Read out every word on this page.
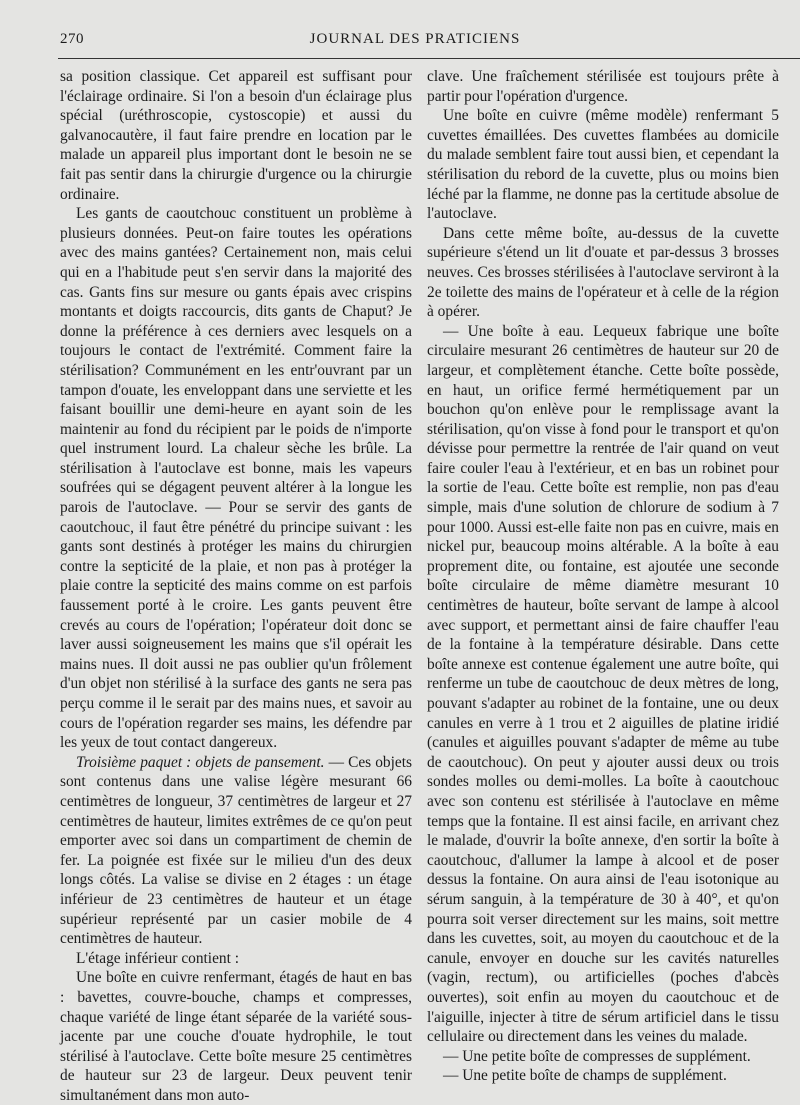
270	JOURNAL DES PRATICIENS

sa position classique. Cet appareil est suffisant pour l'éclairage ordinaire. Si l'on a besoin d'un éclairage plus spécial (uréthroscopie, cystoscopie) et aussi du galvanocautère, il faut faire prendre en location par le malade un appareil plus important dont le besoin ne se fait pas sentir dans la chirurgie d'urgence ou la chirurgie ordinaire.

Les gants de caoutchouc constituent un problème à plusieurs données. Peut-on faire toutes les opérations avec des mains gantées? Certainement non, mais celui qui en a l'habitude peut s'en servir dans la majorité des cas. Gants fins sur mesure ou gants épais avec crispins montants et doigts raccourcis, dits gants de Chaput? Je donne la préférence à ces derniers avec lesquels on a toujours le contact de l'extrémité. Comment faire la stérilisation? Communément en les entr'ouvrant par un tampon d'ouate, les enveloppant dans une serviette et les faisant bouillir une demi-heure en ayant soin de les maintenir au fond du récipient par le poids de n'importe quel instrument lourd. La chaleur sèche les brûle. La stérilisation à l'autoclave est bonne, mais les vapeurs soufrées qui se dégagent peuvent altérer à la longue les parois de l'autoclave. — Pour se servir des gants de caoutchouc, il faut être pénétré du principe suivant : les gants sont destinés à protéger les mains du chirurgien contre la septicité de la plaie, et non pas à protéger la plaie contre la septicité des mains comme on est parfois faussement porté à le croire. Les gants peuvent être crevés au cours de l'opération; l'opérateur doit donc se laver aussi soigneusement les mains que s'il opérait les mains nues. Il doit aussi ne pas oublier qu'un frôlement d'un objet non stérilisé à la surface des gants ne sera pas perçu comme il le serait par des mains nues, et savoir au cours de l'opération regarder ses mains, les défendre par les yeux de tout contact dangereux.

Troisième paquet : objets de pansement. — Ces objets sont contenus dans une valise légère mesurant 66 centimètres de longueur, 37 centimètres de largeur et 27 centimètres de hauteur, limites extrêmes de ce qu'on peut emporter avec soi dans un compartiment de chemin de fer. La poignée est fixée sur le milieu d'un des deux longs côtés. La valise se divise en 2 étages : un étage inférieur de 23 centimètres de hauteur et un étage supérieur représenté par un casier mobile de 4 centimètres de hauteur.

L'étage inférieur contient :

Une boîte en cuivre renfermant, étagés de haut en bas : bavettes, couvre-bouche, champs et compresses, chaque variété de linge étant séparée de la variété sous-jacente par une couche d'ouate hydrophile, le tout stérilisé à l'autoclave. Cette boîte mesure 25 centimètres de hauteur sur 23 de largeur. Deux peuvent tenir simultanément dans mon auto-

clave. Une fraîchement stérilisée est toujours prête à partir pour l'opération d'urgence.

Une boîte en cuivre (même modèle) renfermant 5 cuvettes émaillées. Des cuvettes flambées au domicile du malade semblent faire tout aussi bien, et cependant la stérilisation du rebord de la cuvette, plus ou moins bien léché par la flamme, ne donne pas la certitude absolue de l'autoclave.

Dans cette même boîte, au-dessus de la cuvette supérieure s'étend un lit d'ouate et par-dessus 3 brosses neuves. Ces brosses stérilisées à l'autoclave serviront à la 2e toilette des mains de l'opérateur et à celle de la région à opérer.

— Une boîte à eau. Lequeux fabrique une boîte circulaire mesurant 26 centimètres de hauteur sur 20 de largeur, et complètement étanche. Cette boîte possède, en haut, un orifice fermé hermétiquement par un bouchon qu'on enlève pour le remplissage avant la stérilisation, qu'on visse à fond pour le transport et qu'on dévisse pour permettre la rentrée de l'air quand on veut faire couler l'eau à l'extérieur, et en bas un robinet pour la sortie de l'eau. Cette boîte est remplie, non pas d'eau simple, mais d'une solution de chlorure de sodium à 7 pour 1000. Aussi est-elle faite non pas en cuivre, mais en nickel pur, beaucoup moins altérable. A la boîte à eau proprement dite, ou fontaine, est ajoutée une seconde boîte circulaire de même diamètre mesurant 10 centimètres de hauteur, boîte servant de lampe à alcool avec support, et permettant ainsi de faire chauffer l'eau de la fontaine à la température désirable. Dans cette boîte annexe est contenue également une autre boîte, qui renferme un tube de caoutchouc de deux mètres de long, pouvant s'adapter au robinet de la fontaine, une ou deux canules en verre à 1 trou et 2 aiguilles de platine iridié (canules et aiguilles pouvant s'adapter de même au tube de caoutchouc). On peut y ajouter aussi deux ou trois sondes molles ou demi-molles. La boîte à caoutchouc avec son contenu est stérilisée à l'autoclave en même temps que la fontaine. Il est ainsi facile, en arrivant chez le malade, d'ouvrir la boîte annexe, d'en sortir la boîte à caoutchouc, d'allumer la lampe à alcool et de poser dessus la fontaine. On aura ainsi de l'eau isotonique au sérum sanguin, à la température de 30 à 40°, et qu'on pourra soit verser directement sur les mains, soit mettre dans les cuvettes, soit, au moyen du caoutchouc et de la canule, envoyer en douche sur les cavités naturelles (vagin, rectum), ou artificielles (poches d'abcès ouvertes), soit enfin au moyen du caoutchouc et de l'aiguille, injecter à titre de sérum artificiel dans le tissu cellulaire ou directement dans les veines du malade.

— Une petite boîte de compresses de supplément.

— Une petite boîte de champs de supplément.
